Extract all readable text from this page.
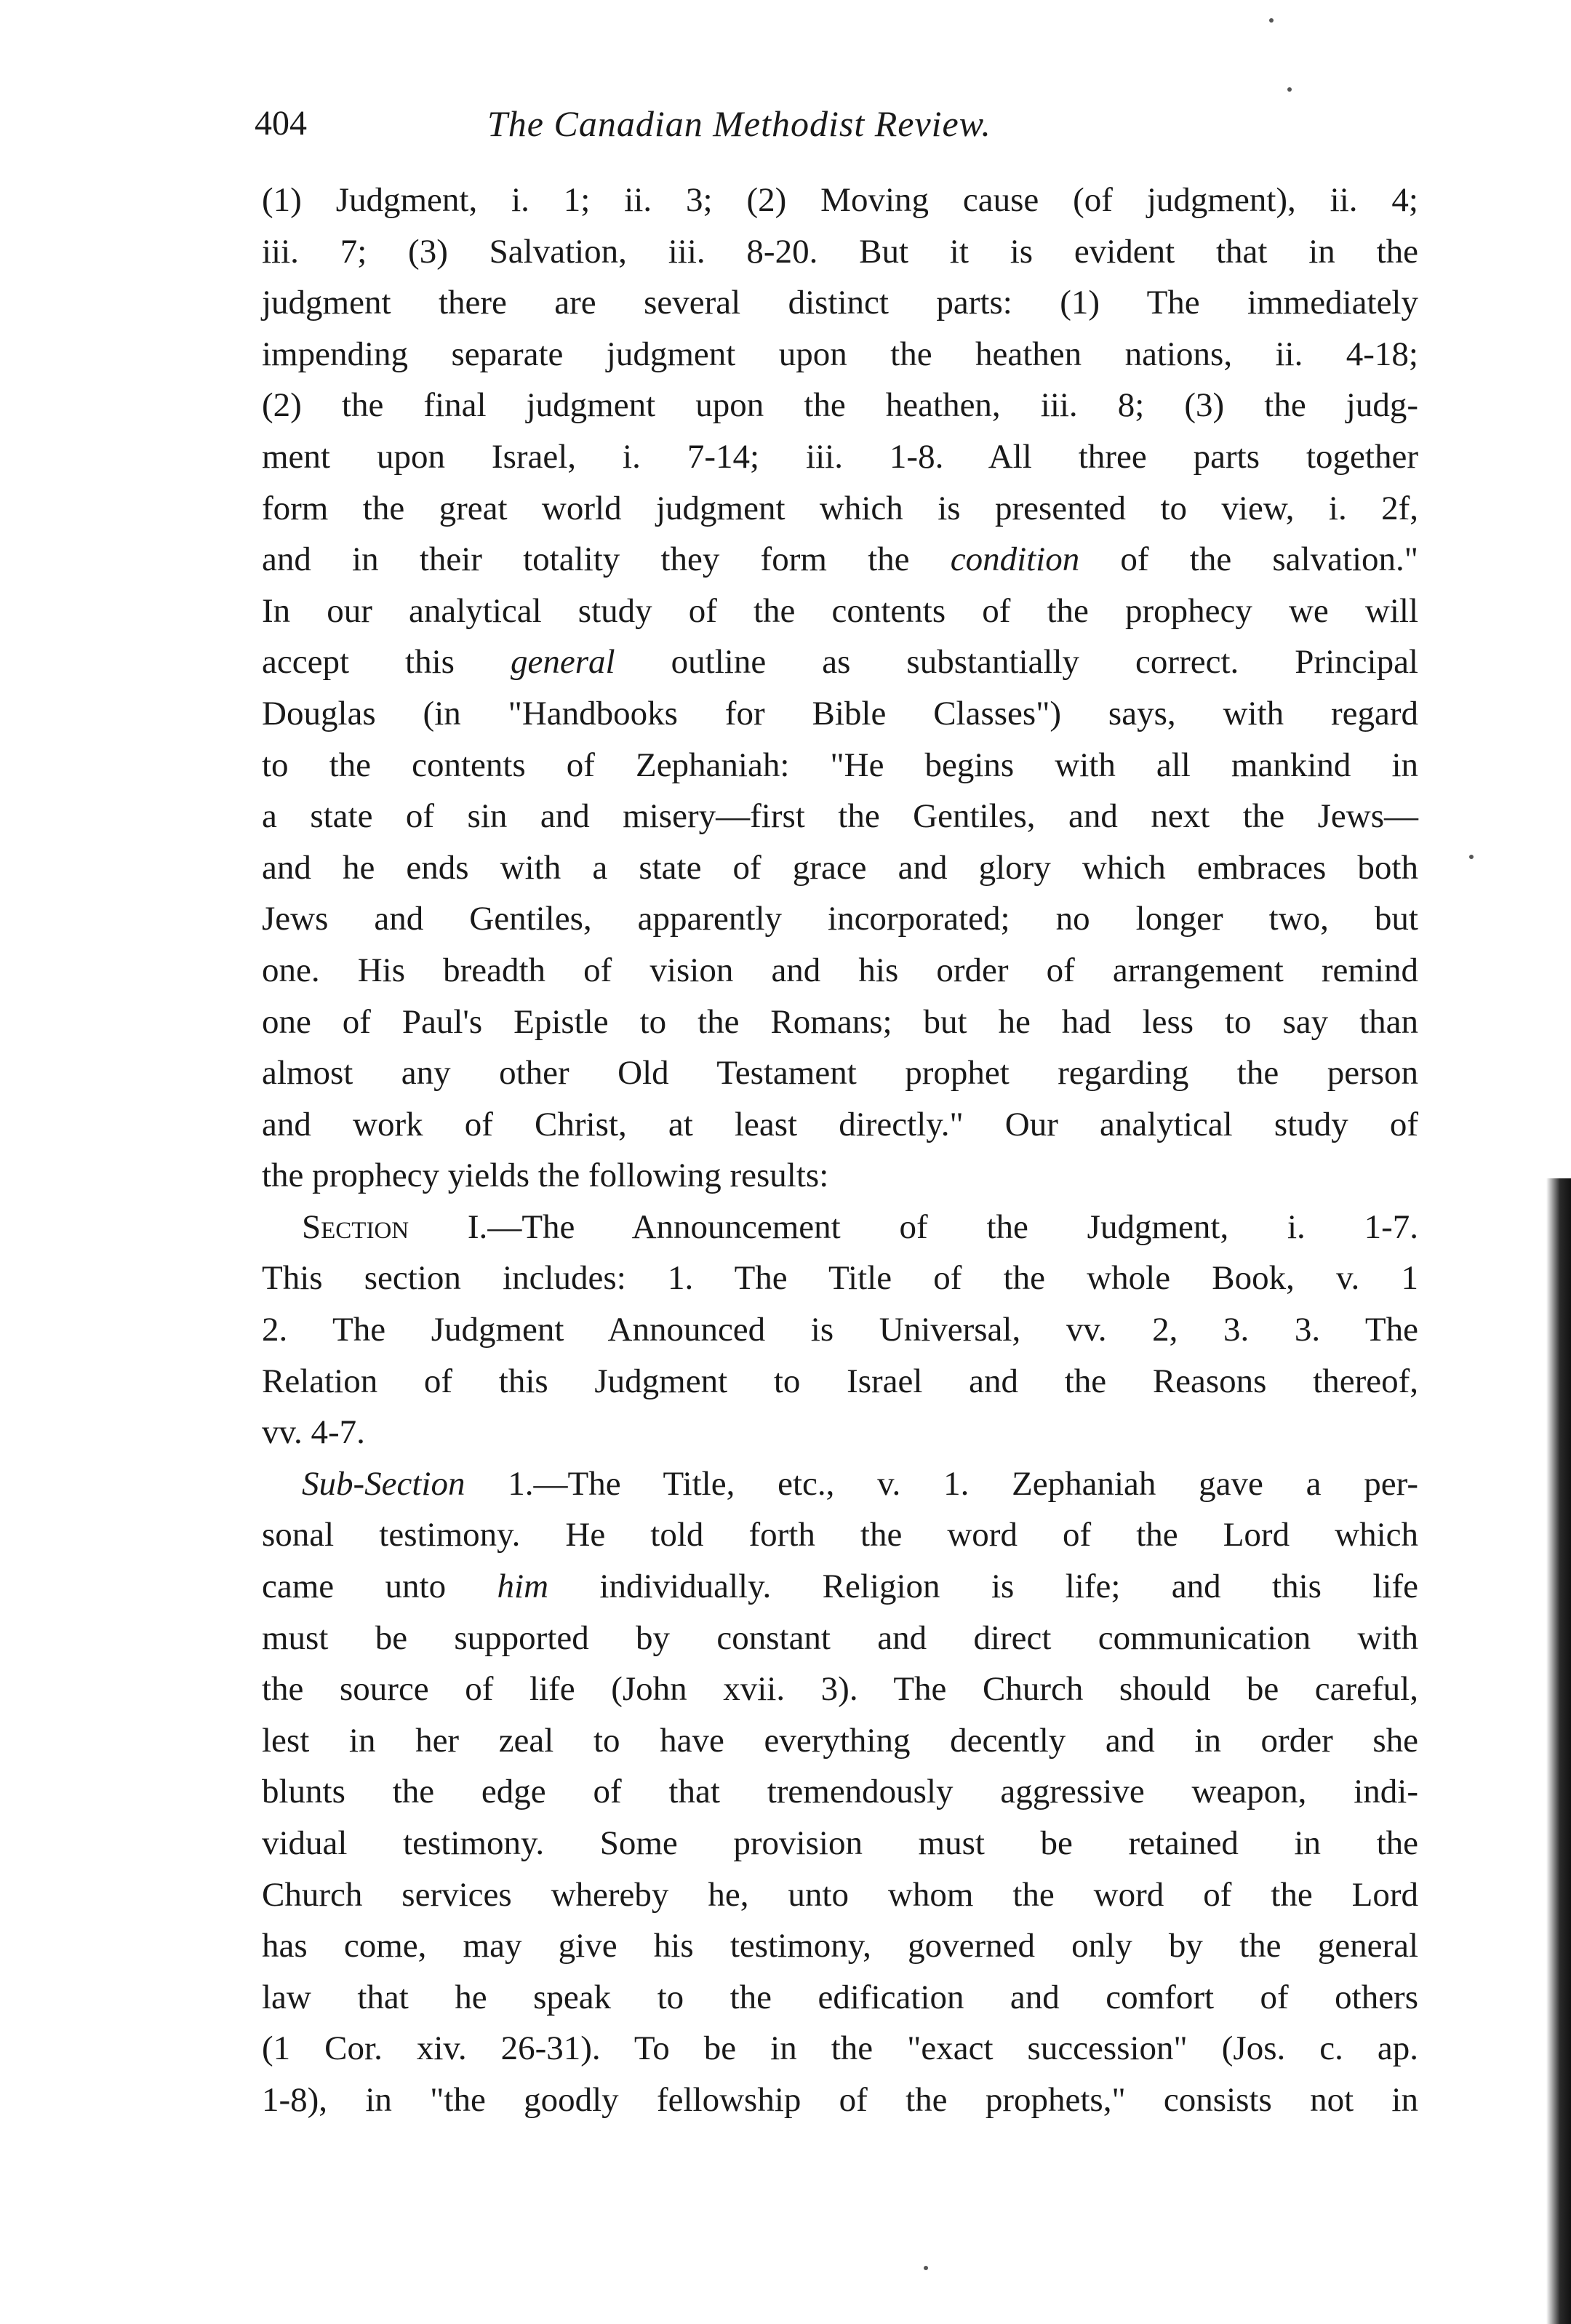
404	The Canadian Methodist Review.
(1) Judgment, i. 1; ii. 3; (2) Moving cause (of judgment), ii. 4;
iii. 7; (3) Salvation, iii. 8-20. But it is evident that in the
judgment there are several distinct parts: (1) The immediately
impending separate judgment upon the heathen nations, ii. 4-18;
(2) the final judgment upon the heathen, iii. 8; (3) the judg-
ment upon Israel, i. 7-14; iii. 1-8. All three parts together
form the great world judgment which is presented to view, i. 2f,
and in their totality they form the condition of the salvation."
In our analytical study of the contents of the prophecy we will
accept this general outline as substantially correct. Principal
Douglas (in "Handbooks for Bible Classes") says, with regard
to the contents of Zephaniah: "He begins with all mankind in
a state of sin and misery—first the Gentiles, and next the Jews—
and he ends with a state of grace and glory which embraces both
Jews and Gentiles, apparently incorporated; no longer two, but
one. His breadth of vision and his order of arrangement remind
one of Paul's Epistle to the Romans; but he had less to say than
almost any other Old Testament prophet regarding the person
and work of Christ, at least directly." Our analytical study of
the prophecy yields the following results:
Section I.—The Announcement of the Judgment, i. 1-7.
This section includes: 1. The Title of the whole Book, v. 1
2. The Judgment Announced is Universal, vv. 2, 3. 3. The
Relation of this Judgment to Israel and the Reasons thereof,
vv. 4-7.
Sub-Section 1.—The Title, etc., v. 1. Zephaniah gave a per-
sonal testimony. He told forth the word of the Lord which
came unto him individually. Religion is life; and this life
must be supported by constant and direct communication with
the source of life (John xvii. 3). The Church should be careful,
lest in her zeal to have everything decently and in order she
blunts the edge of that tremendously aggressive weapon, indi-
vidual testimony. Some provision must be retained in the
Church services whereby he, unto whom the word of the Lord
has come, may give his testimony, governed only by the general
law that he speak to the edification and comfort of others
(1 Cor. xiv. 26-31). To be in the "exact succession" (Jos. c. ap.
1-8), in "the goodly fellowship of the prophets," consists not in
